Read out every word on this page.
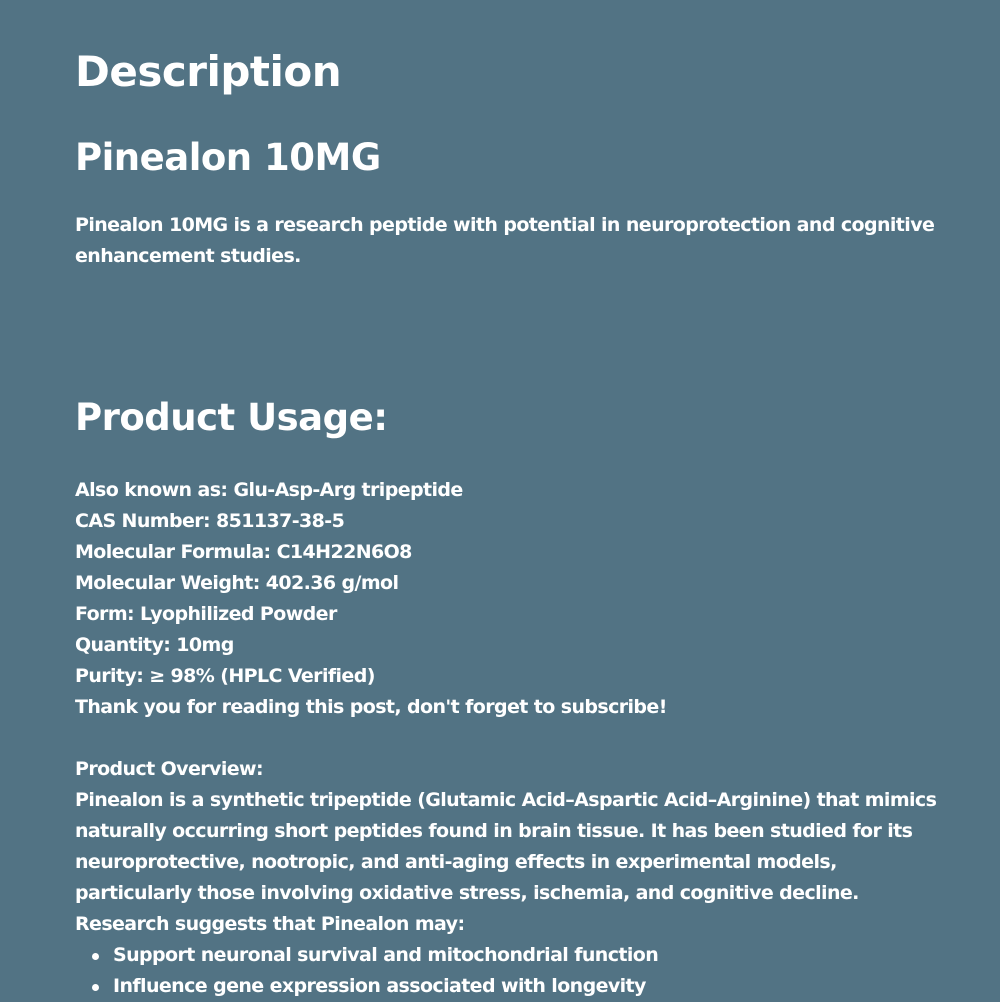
Description
Pinealon 10MG

Pinealon 10MG is a research peptide with potential in neuroprotection and cognitive enhancement studies.

Product Usage:
Also known as: Glu-Asp-Arg tripeptide
CAS Number: 851137-38-5
Molecular Formula: C14H22N6O8
Molecular Weight: 402.36 g/mol
Form: Lyophilized Powder
Quantity: 10mg
Purity: ≥ 98% (HPLC Verified)
Thank you for reading this post, don't forget to subscribe!

Product Overview:

Pinealon is a synthetic tripeptide (Glutamic Acid–Aspartic Acid–Arginine) that mimics naturally occurring short peptides found in brain tissue. It has been studied for its neuroprotective, nootropic, and anti-aging effects in experimental models, particularly those involving oxidative stress, ischemia, and cognitive decline.

Research suggests that Pinealon may:

Support neuronal survival and mitochondrial function
Influence gene expression associated with longevity
